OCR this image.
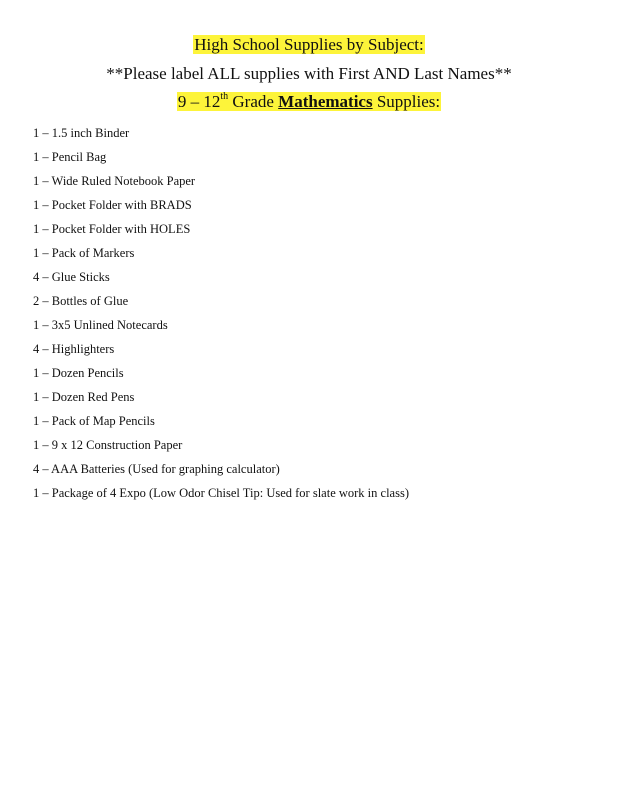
High School Supplies by Subject:
**Please label ALL supplies with First AND Last Names**
9 – 12th Grade Mathematics Supplies:
1 – 1.5 inch Binder
1 – Pencil Bag
1 – Wide Ruled Notebook Paper
1 – Pocket Folder with BRADS
1 – Pocket Folder with HOLES
1 – Pack of Markers
4 – Glue Sticks
2 – Bottles of Glue
1 – 3x5 Unlined Notecards
4 – Highlighters
1 – Dozen Pencils
1 – Dozen Red Pens
1 – Pack of Map Pencils
1 – 9 x 12 Construction Paper
4 – AAA Batteries (Used for graphing calculator)
1 – Package of 4 Expo (Low Odor Chisel Tip: Used for slate work in class)
